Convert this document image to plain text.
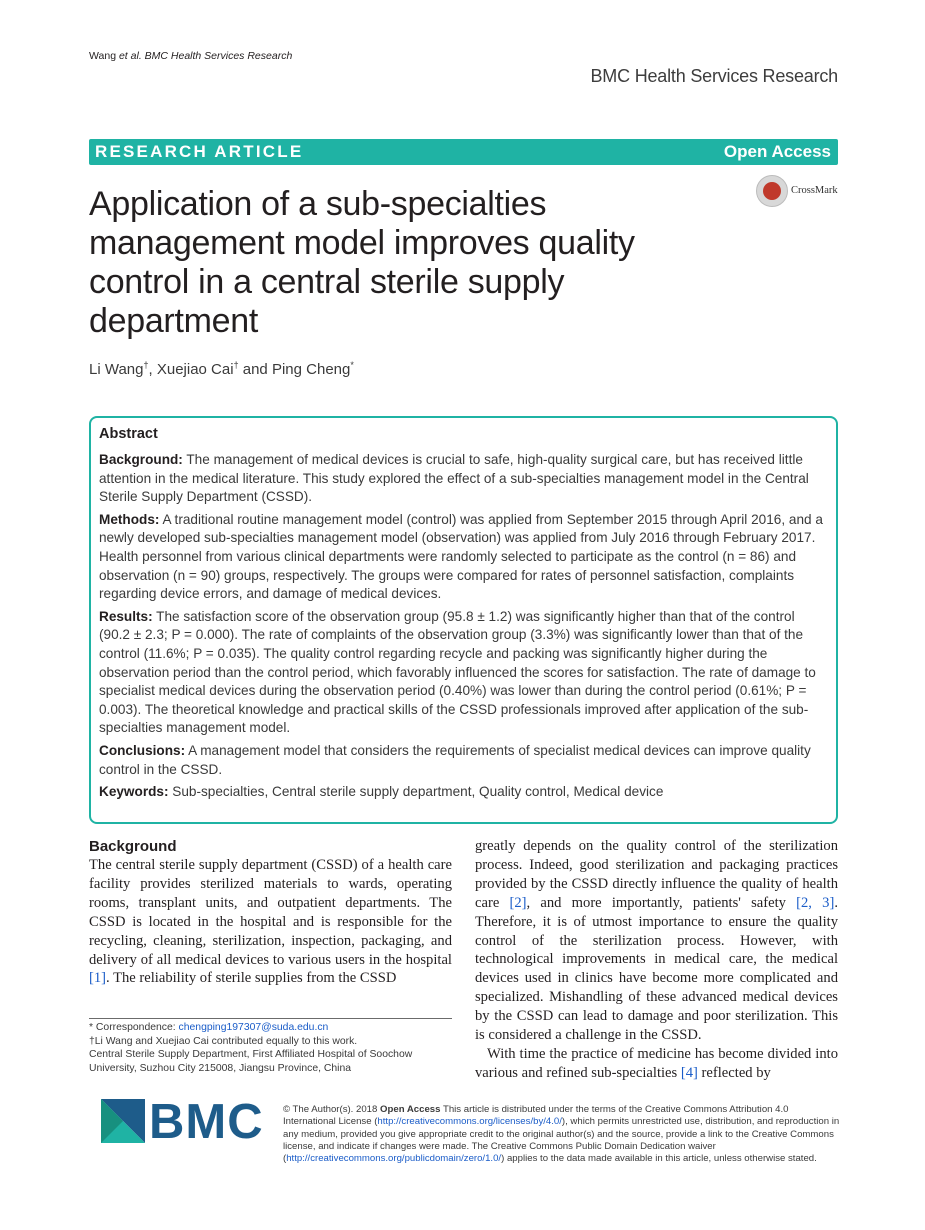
Wang et al. BMC Health Services Research
BMC Health Services Research
RESEARCH ARTICLE	Open Access
Application of a sub-specialties management model improves quality control in a central sterile supply department
CrossMark
Li Wang†, Xuejiao Cai† and Ping Cheng*
Abstract

Background: The management of medical devices is crucial to safe, high-quality surgical care, but has received little attention in the medical literature. This study explored the effect of a sub-specialties management model in the Central Sterile Supply Department (CSSD).

Methods: A traditional routine management model (control) was applied from September 2015 through April 2016, and a newly developed sub-specialties management model (observation) was applied from July 2016 through February 2017. Health personnel from various clinical departments were randomly selected to participate as the control (n = 86) and observation (n = 90) groups, respectively. The groups were compared for rates of personnel satisfaction, complaints regarding device errors, and damage of medical devices.

Results: The satisfaction score of the observation group (95.8 ± 1.2) was significantly higher than that of the control (90.2 ± 2.3; P = 0.000). The rate of complaints of the observation group (3.3%) was significantly lower than that of the control (11.6%; P = 0.035). The quality control regarding recycle and packing was significantly higher during the observation period than the control period, which favorably influenced the scores for satisfaction. The rate of damage to specialist medical devices during the observation period (0.40%) was lower than during the control period (0.61%; P = 0.003). The theoretical knowledge and practical skills of the CSSD professionals improved after application of the sub-specialties management model.

Conclusions: A management model that considers the requirements of specialist medical devices can improve quality control in the CSSD.

Keywords: Sub-specialties, Central sterile supply department, Quality control, Medical device

Background

The central sterile supply department (CSSD) of a health care facility provides sterilized materials to wards, operating rooms, transplant units, and outpatient departments. The CSSD is located in the hospital and is responsible for the recycling, cleaning, sterilization, inspection, packaging, and delivery of all medical devices to various users in the hospital [1]. The reliability of sterile supplies from the CSSD

greatly depends on the quality control of the sterilization process. Indeed, good sterilization and packaging practices provided by the CSSD directly influence the quality of health care [2], and more importantly, patients' safety [2, 3]. Therefore, it is of utmost importance to ensure the quality control of the sterilization process. However, with technological improvements in medical care, the medical devices used in clinics have become more complicated and specialized. Mishandling of these advanced medical devices by the CSSD can lead to damage and poor sterilization. This is considered a challenge in the CSSD.

With time the practice of medicine has become divided into various and refined sub-specialties [4] reflected by

* Correspondence: chengping197307@suda.edu.cn
†Li Wang and Xuejiao Cai contributed equally to this work.
Central Sterile Supply Department, First Affiliated Hospital of Soochow University, Suzhou City 215008, Jiangsu Province, China
BMC © The Author(s). 2018 Open Access This article is distributed under the terms of the Creative Commons Attribution 4.0 International License (http://creativecommons.org/licenses/by/4.0/), which permits unrestricted use, distribution, and reproduction in any medium, provided you give appropriate credit to the original author(s) and the source, provide a link to the Creative Commons license, and indicate if changes were made. The Creative Commons Public Domain Dedication waiver (http://creativecommons.org/publicdomain/zero/1.0/) applies to the data made available in this article, unless otherwise stated.
